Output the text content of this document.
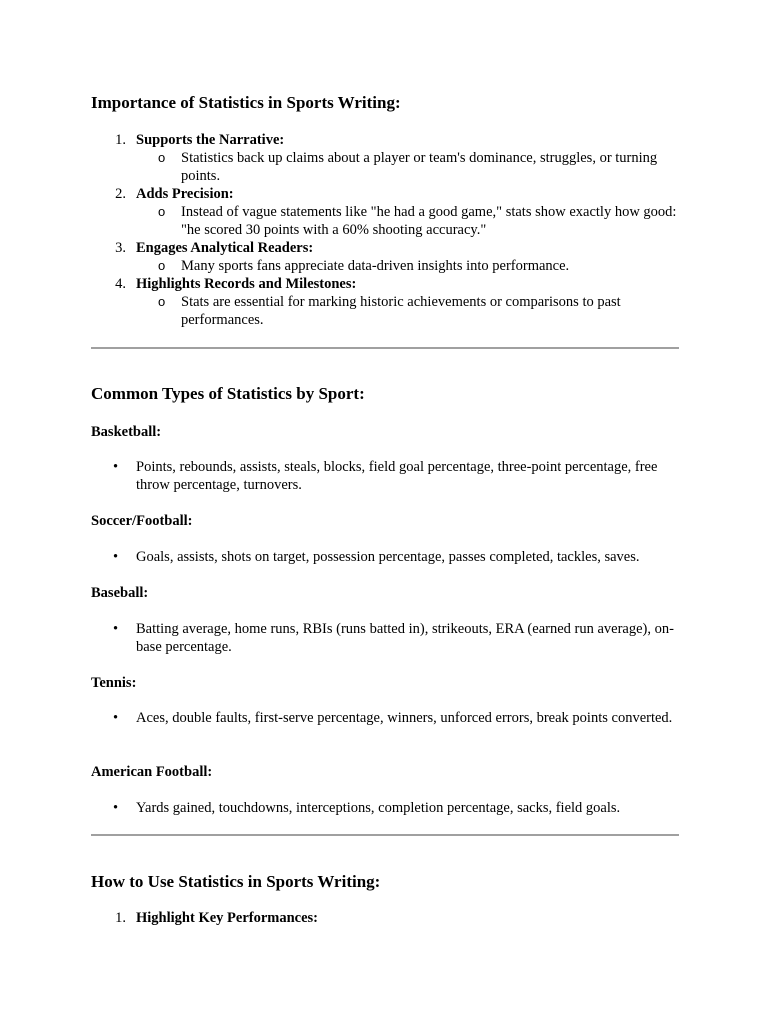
Importance of Statistics in Sports Writing:
1. Supports the Narrative:
o Statistics back up claims about a player or team's dominance, struggles, or turning points.
2. Adds Precision:
o Instead of vague statements like "he had a good game," stats show exactly how good: "he scored 30 points with a 60% shooting accuracy."
3. Engages Analytical Readers:
o Many sports fans appreciate data-driven insights into performance.
4. Highlights Records and Milestones:
o Stats are essential for marking historic achievements or comparisons to past performances.
Common Types of Statistics by Sport:
Basketball:
• Points, rebounds, assists, steals, blocks, field goal percentage, three-point percentage, free throw percentage, turnovers.
Soccer/Football:
• Goals, assists, shots on target, possession percentage, passes completed, tackles, saves.
Baseball:
• Batting average, home runs, RBIs (runs batted in), strikeouts, ERA (earned run average), on-base percentage.
Tennis:
• Aces, double faults, first-serve percentage, winners, unforced errors, break points converted.
American Football:
• Yards gained, touchdowns, interceptions, completion percentage, sacks, field goals.
How to Use Statistics in Sports Writing:
1. Highlight Key Performances:
